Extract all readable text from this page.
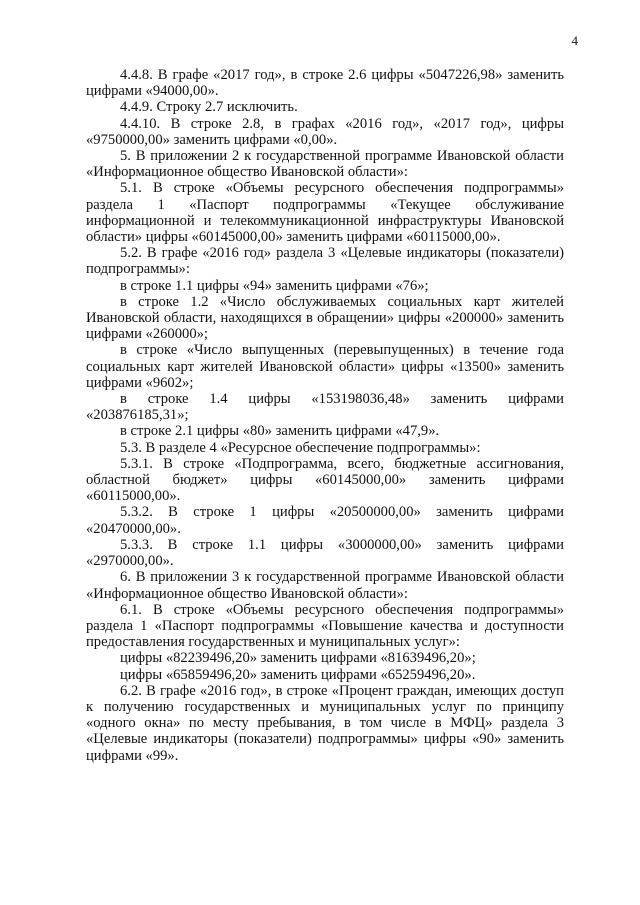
4

4.4.8. В графе «2017 год», в строке 2.6 цифры «5047226,98» заменить цифрами «94000,00».

4.4.9. Строку 2.7 исключить.

4.4.10. В строке 2.8, в графах «2016 год», «2017 год», цифры «9750000,00» заменить цифрами «0,00».

5. В приложении 2 к государственной программе Ивановской области «Информационное общество Ивановской области»:

5.1. В строке «Объемы ресурсного обеспечения подпрограммы» раздела 1 «Паспорт подпрограммы «Текущее обслуживание информационной и телекоммуникационной инфраструктуры Ивановской области» цифры «60145000,00» заменить цифрами «60115000,00».

5.2. В графе «2016 год» раздела 3 «Целевые индикаторы (показатели) подпрограммы»:

в строке 1.1 цифры «94» заменить цифрами «76»;

в строке 1.2 «Число обслуживаемых социальных карт жителей Ивановской области, находящихся в обращении» цифры «200000» заменить цифрами «260000»;

в строке «Число выпущенных (перевыпущенных) в течение года социальных карт жителей Ивановской области» цифры «13500» заменить цифрами «9602»;

в строке 1.4 цифры «153198036,48» заменить цифрами «203876185,31»;

в строке 2.1 цифры «80» заменить цифрами «47,9».

5.3. В разделе 4 «Ресурсное обеспечение подпрограммы»:

5.3.1. В строке «Подпрограмма, всего, бюджетные ассигнования, областной бюджет» цифры «60145000,00» заменить цифрами «60115000,00».

5.3.2. В строке 1 цифры «20500000,00» заменить цифрами «20470000,00».

5.3.3. В строке 1.1 цифры «3000000,00» заменить цифрами «2970000,00».

6. В приложении 3 к государственной программе Ивановской области «Информационное общество Ивановской области»:

6.1. В строке «Объемы ресурсного обеспечения подпрограммы» раздела 1 «Паспорт подпрограммы «Повышение качества и доступности предоставления государственных и муниципальных услуг»:

цифры «82239496,20» заменить цифрами «81639496,20»;

цифры «65859496,20» заменить цифрами «65259496,20».

6.2. В графе «2016 год», в строке «Процент граждан, имеющих доступ к получению государственных и муниципальных услуг по принципу «одного окна» по месту пребывания, в том числе в МФЦ» раздела 3 «Целевые индикаторы (показатели) подпрограммы» цифры «90» заменить цифрами «99».
